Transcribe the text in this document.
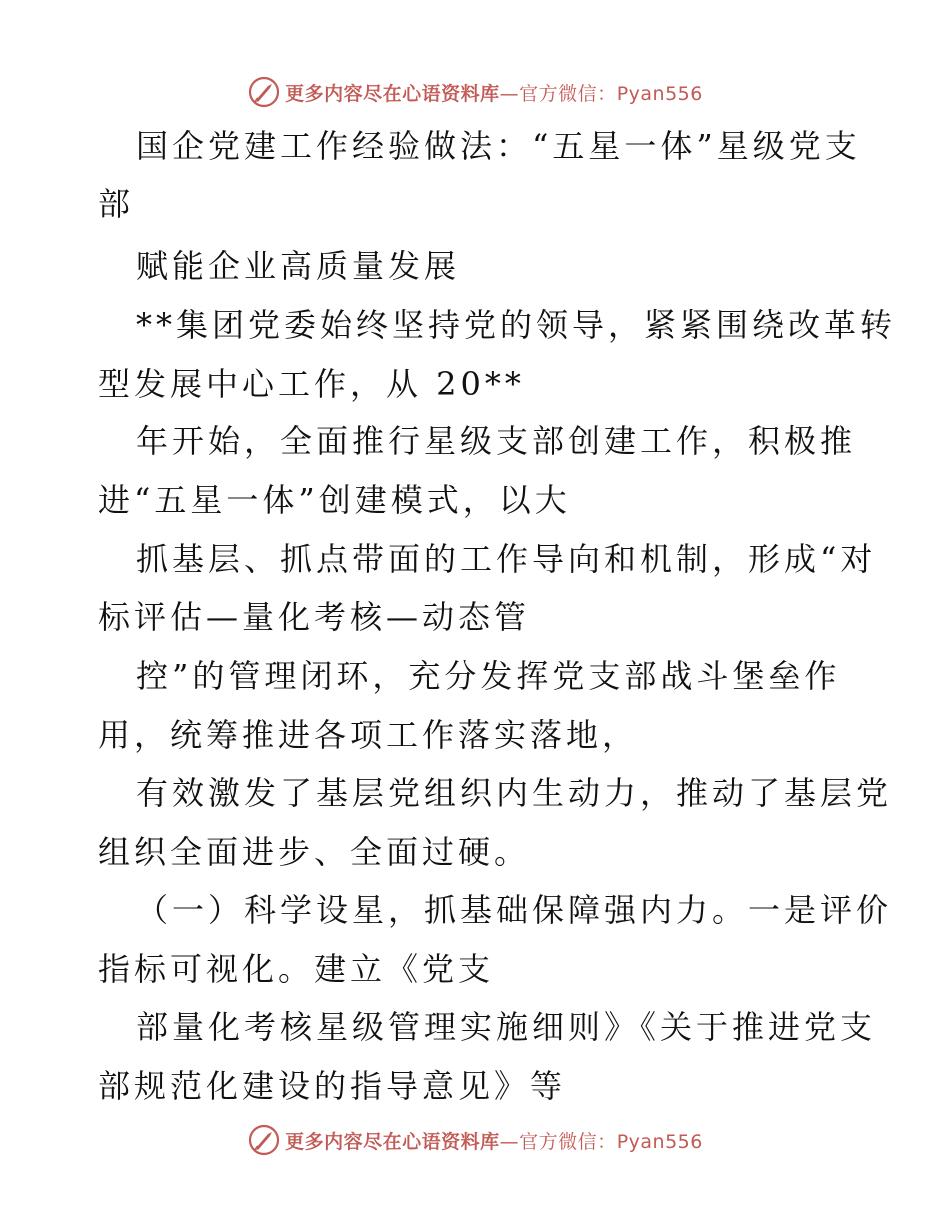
更多内容尽在心语资料库—官方微信：Pyan556
国企党建工作经验做法：“五星一体”星级党支
部
赋能企业高质量发展
**集团党委始终坚持党的领导，紧紧围绕改革转
型发展中心工作，从 20**
年开始，全面推行星级支部创建工作，积极推
进“五星一体”创建模式，以大
抓基层、抓点带面的工作导向和机制，形成“对
标评估—量化考核—动态管
控”的管理闭环，充分发挥党支部战斗堡垒作
用，统筹推进各项工作落实落地，
有效激发了基层党组织内生动力，推动了基层党
组织全面进步、全面过硬。
（一）科学设星，抓基础保障强内力。一是评价
指标可视化。建立《党支
部量化考核星级管理实施细则》《关于推进党支
部规范化建设的指导意见》等
更多内容尽在心语资料库—官方微信：Pyan556
